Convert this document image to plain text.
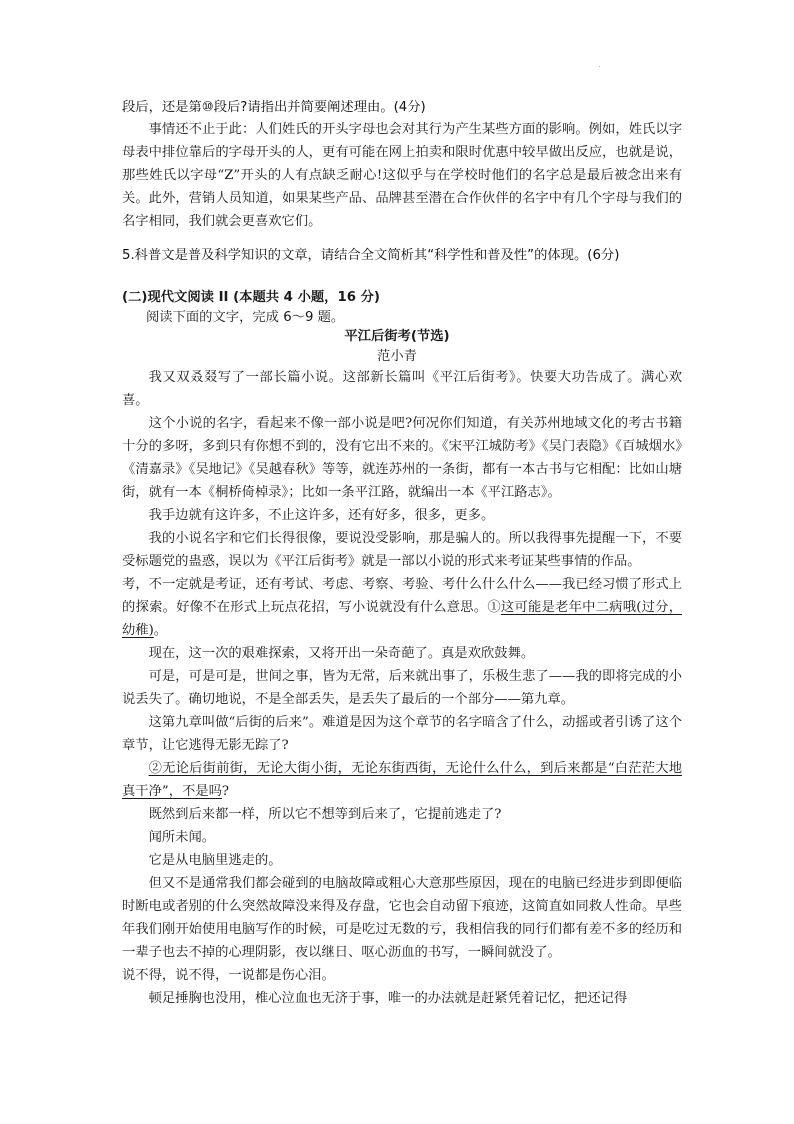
·
段后，还是第⑩段后?请指出并简要阐述理由。(4分)

事情还不止于此：人们姓氏的开头字母也会对其行为产生某些方面的影响。例如，姓氏以字母表中排位靠后的字母开头的人，更有可能在网上拍卖和限时优惠中较早做出反应，也就是说，那些姓氏以字母“Z”开头的人有点缺乏耐心!这似乎与在学校时他们的名字总是最后被念出来有关。此外，营销人员知道，如果某些产品、品牌甚至潜在合作伙伴的名字中有几个字母与我们的名字相同，我们就会更喜欢它们。

5.科普文是普及科学知识的文章，请结合全文简析其“科学性和普及性”的体现。(6分)
(二)现代文阅读 II (本题共 4 小题，16 分)
阅读下面的文字，完成 6～9 题。
平江后街考(节选)
范小青

我又双叒叕写了一部长篇小说。这部新长篇叫《平江后街考》。快要大功告成了。满心欢喜。

这个小说的名字，看起来不像一部小说是吧?何况你们知道，有关苏州地域文化的考古书籍十分的多呀，多到只有你想不到的，没有它出不来的。《宋平江城防考》《吴门表隐》《百城烟水》《清嘉录》《吴地记》《吴越春秋》等等，就连苏州的一条街，都有一本古书与它相配：比如山塘街，就有一本《桐桥倚棹录》；比如一条平江路，就编出一本《平江路志》。

我手边就有这许多，不止这许多，还有好多，很多，更多。

我的小说名字和它们长得很像，要说没受影响，那是骗人的。所以我得事先提醒一下，不要受标题党的蛊惑，误以为《平江后街考》就是一部以小说的形式来考证某些事情的作品。

考，不一定就是考证，还有考试、考虑、考察、考验、考什么什么什么——我已经习惯了形式上的探索。好像不在形式上玩点花招，写小说就没有什么意思。①这可能是老年中二病哦(过分，幼稚)。

现在，这一次的艰难探索，又将开出一朵奇葩了。真是欢欣鼓舞。

可是，可是可是，世间之事，皆为无常，后来就出事了，乐极生悲了——我的即将完成的小说丢失了。确切地说，不是全部丢失，是丢失了最后的一个部分——第九章。

这第九章叫做“后街的后来”。难道是因为这个章节的名字暗含了什么，动摇或者引诱了这个章节，让它逃得无影无踪了?

②无论后街前街，无论大街小街，无论东街西街，无论什么什么，到后来都是“白茫茫大地真干净”，不是吗?

既然到后来都一样，所以它不想等到后来了，它提前逃走了?

闻所未闻。

它是从电脑里逃走的。

但又不是通常我们都会碰到的电脑故障或粗心大意那些原因，现在的电脑已经进步到即便临时断电或者别的什么突然故障没来得及存盘，它也会自动留下痕迹，这简直如同救人性命。早些年我们刚开始使用电脑写作的时候，可是吃过无数的亏，我相信我的同行们都有差不多的经历和一辈子也去不掉的心理阴影，夜以继日、呕心沥血的书写，一瞬间就没了。

说不得，说不得，一说都是伤心泪。

顿足捶胸也没用，椎心泣血也无济于事，唯一的办法就是赶紧凭着记忆，把还记得
